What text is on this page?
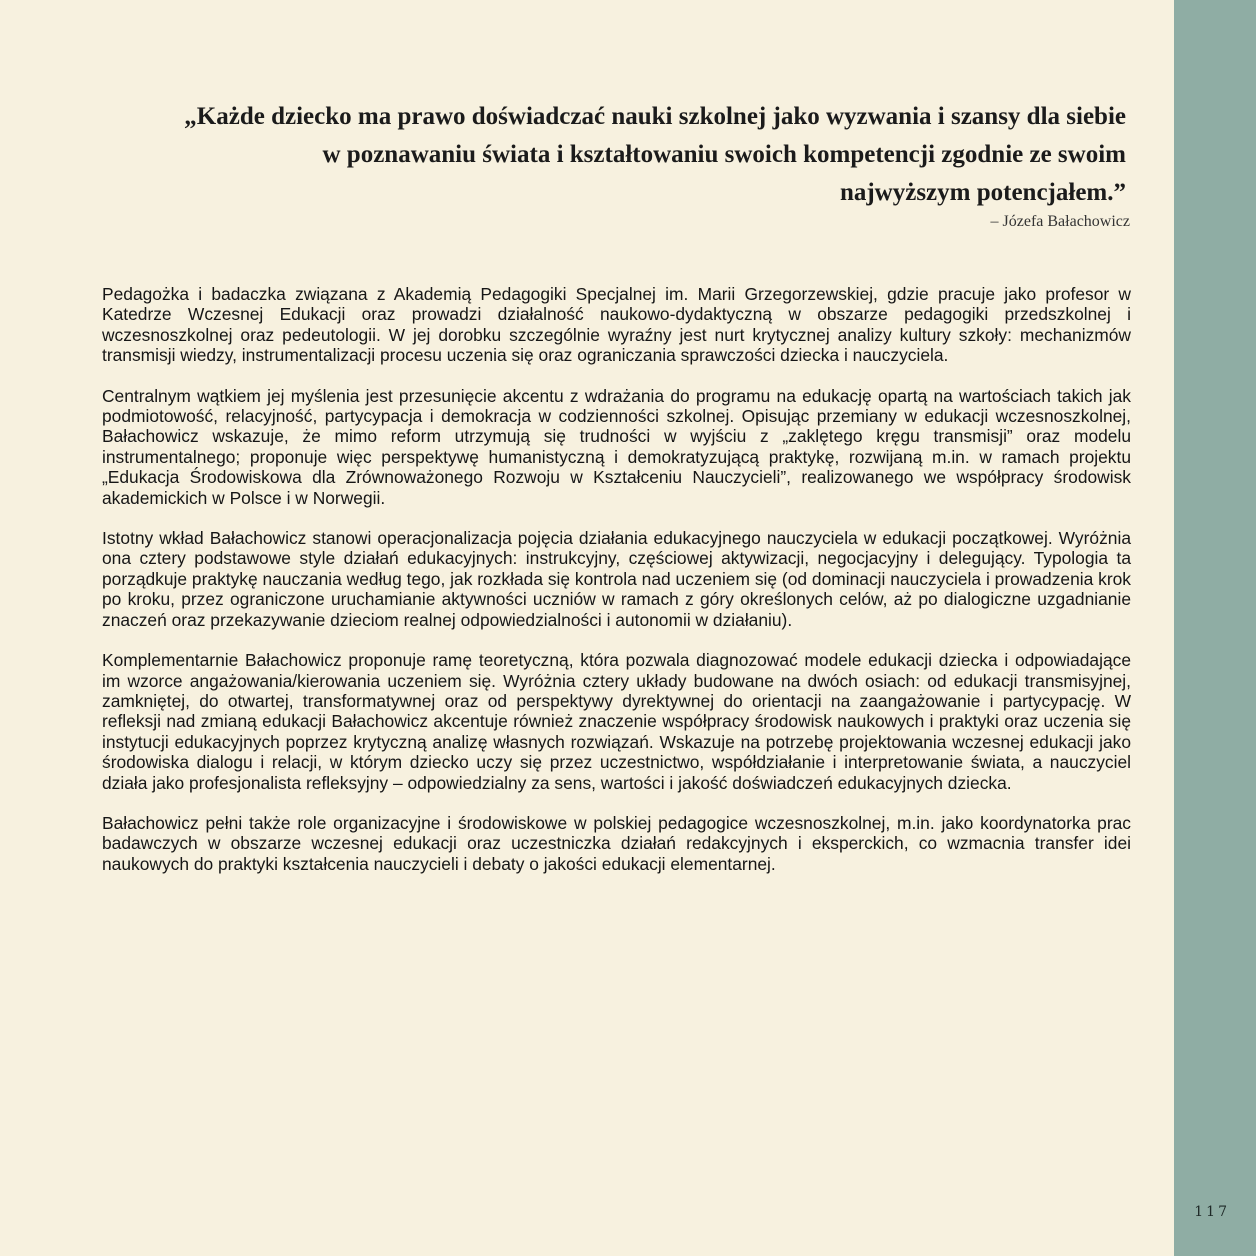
„Każde dziecko ma prawo doświadczać nauki szkolnej jako wyzwania i szansy dla siebie
w poznawaniu świata i kształtowaniu swoich kompetencji zgodnie ze swoim
najwyższym potencjałem.”
– Józefa Bałachowicz

Pedagożka i badaczka związana z Akademią Pedagogiki Specjalnej im. Marii Grzegorzewskiej, gdzie pracuje jako profesor w Katedrze Wczesnej Edukacji oraz prowadzi działalność naukowo-dydaktyczną w obszarze pedagogiki przedszkolnej i wczesnoszkolnej oraz pedeutologii. W jej dorobku szczególnie wyraźny jest nurt krytycznej analizy kultury szkoły: mechanizmów transmisji wiedzy, instrumentalizacji procesu uczenia się oraz ograniczania sprawczości dziecka i nauczyciela.

Centralnym wątkiem jej myślenia jest przesunięcie akcentu z wdrażania do programu na edukację opartą na wartościach takich jak podmiotowość, relacyjność, partycypacja i demokracja w codzienności szkolnej. Opisując przemiany w edukacji wczesnoszkolnej, Bałachowicz wskazuje, że mimo reform utrzymują się trudności w wyjściu z „zaklętego kręgu transmisji” oraz modelu instrumentalnego; proponuje więc perspektywę humanistyczną i demokratyzującą praktykę, rozwijaną m.in. w ramach projektu „Edukacja Środowiskowa dla Zrównoważonego Rozwoju w Kształceniu Nauczycieli”, realizowanego we współpracy środowisk akademickich w Polsce i w Norwegii.

Istotny wkład Bałachowicz stanowi operacjonalizacja pojęcia działania edukacyjnego nauczyciela w edukacji początkowej. Wyróżnia ona cztery podstawowe style działań edukacyjnych: instrukcyjny, częściowej aktywizacji, negocjacyjny i delegujący. Typologia ta porządkuje praktykę nauczania według tego, jak rozkłada się kontrola nad uczeniem się (od dominacji nauczyciela i prowadzenia krok po kroku, przez ograniczone uruchamianie aktywności uczniów w ramach z góry określonych celów, aż po dialogiczne uzgadnianie znaczeń oraz przekazywanie dzieciom realnej odpowiedzialności i autonomii w działaniu).

Komplementarnie Bałachowicz proponuje ramę teoretyczną, która pozwala diagnozować modele edukacji dziecka i odpowiadające im wzorce angażowania/kierowania uczeniem się. Wyróżnia cztery układy budowane na dwóch osiach: od edukacji transmisyjnej, zamkniętej, do otwartej, transformatywnej oraz od perspektywy dyrektywnej do orientacji na zaangażowanie i partycypację. W refleksji nad zmianą edukacji Bałachowicz akcentuje również znaczenie współpracy środowisk naukowych i praktyki oraz uczenia się instytucji edukacyjnych poprzez krytyczną analizę własnych rozwiązań. Wskazuje na potrzebę projektowania wczesnej edukacji jako środowiska dialogu i relacji, w którym dziecko uczy się przez uczestnictwo, współdziałanie i interpretowanie świata, a nauczyciel działa jako profesjonalista refleksyjny – odpowiedzialny za sens, wartości i jakość doświadczeń edukacyjnych dziecka.

Bałachowicz pełni także role organizacyjne i środowiskowe w polskiej pedagogice wczesnoszkolnej, m.in. jako koordynatorka prac badawczych w obszarze wczesnej edukacji oraz uczestniczka działań redakcyjnych i eksperckich, co wzmacnia transfer idei naukowych do praktyki kształcenia nauczycieli i debaty o jakości edukacji elementarnej.

117
